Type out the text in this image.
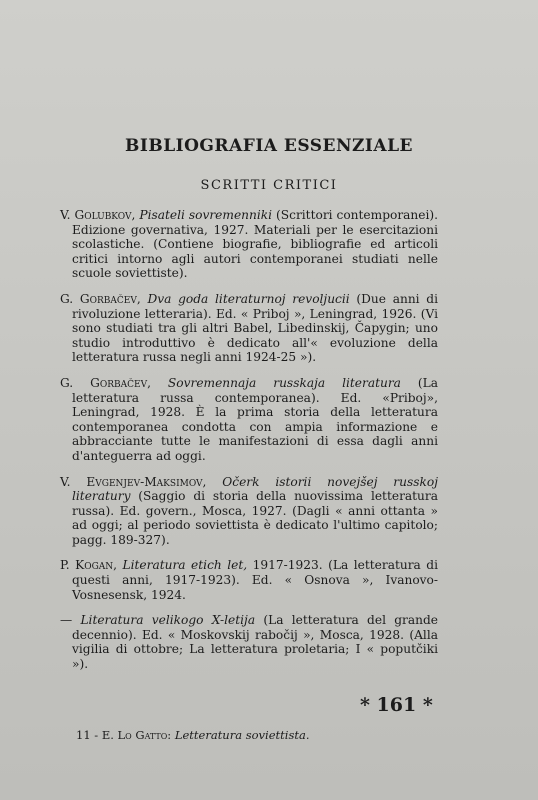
BIBLIOGRAFIA ESSENZIALE
SCRITTI CRITICI

V. Golubkov, Pisateli sovremenniki (Scrittori contemporanei). Edizione governativa, 1927. Materiali per le esercitazioni scolastiche. (Contiene biografie, bibliografie ed articoli critici intorno agli autori contemporanei studiati nelle scuole soviettiste).

G. Gorbačev, Dva goda literaturnoj revoljucii (Due anni di rivoluzione letteraria). Ed. « Priboj », Leningrad, 1926. (Vi sono studiati tra gli altri Babel, Libedinskij, Čapygin; uno studio introduttivo è dedicato all'« evoluzione della letteratura russa negli anni 1924-25 »).

G. Gorbačev, Sovremennaja russkaja literatura (La letteratura russa contemporanea). Ed. «Priboj», Leningrad, 1928. È la prima storia della letteratura contemporanea condotta con ampia informazione e abbracciante tutte le manifestazioni di essa dagli anni d'anteguerra ad oggi.

V. Evgenjev-Maksimov, Očerk istorii novejšej russkoj literatury (Saggio di storia della nuovissima letteratura russa). Ed. govern., Mosca, 1927. (Dagli « anni ottanta » ad oggi; al periodo soviettista è dedicato l'ultimo capitolo; pagg. 189-327).

P. Kogan, Literatura etich let, 1917-1923. (La letteratura di questi anni, 1917-1923). Ed. « Osnova », Ivanovo-Vosnesensk, 1924.

— Literatura velikogo X-letija (La letteratura del grande decennio). Ed. « Moskovskij rabočij », Mosca, 1928. (Alla vigilia di ottobre; La letteratura proletaria; I « poputčiki »).

* 161 *
11 - E. Lo Gatto: Letteratura soviettista.
